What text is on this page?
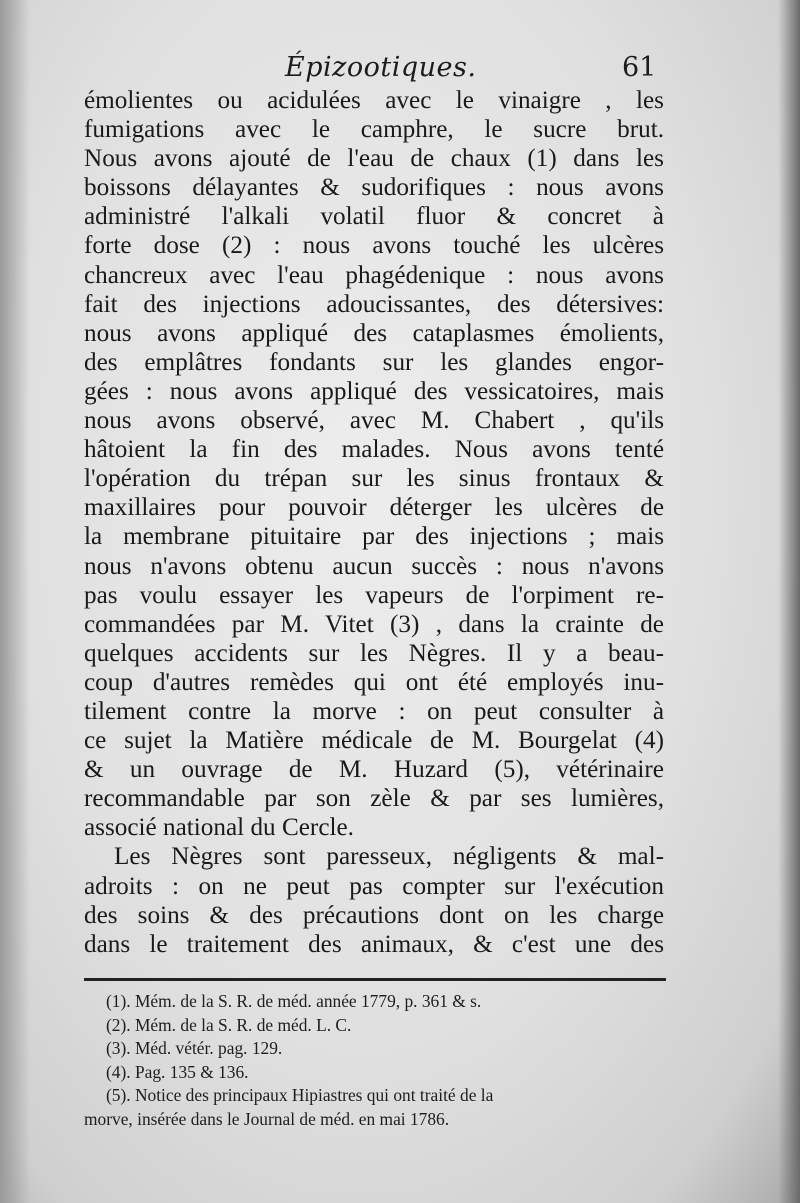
Épizootiques.	61
émolientes ou acidulées avec le vinaigre , les
fumigations avec le camphre, le sucre brut.
Nous avons ajouté de l'eau de chaux (1) dans les
boissons délayantes & sudorifiques : nous avons
administré l'alkali volatil fluor & concret à
forte dose (2) : nous avons touché les ulcères
chancreux avec l'eau phagédenique : nous avons
fait des injections adoucissantes, des détersives:
nous avons appliqué des cataplasmes émolients,
des emplâtres fondants sur les glandes engor-
gées : nous avons appliqué des vessicatoires, mais
nous avons observé, avec M. Chabert , qu'ils
hâtoient la fin des malades. Nous avons tenté
l'opération du trépan sur les sinus frontaux &
maxillaires pour pouvoir déterger les ulcères de
la membrane pituitaire par des injections ; mais
nous n'avons obtenu aucun succès : nous n'avons
pas voulu essayer les vapeurs de l'orpiment re-
commandées par M. Vitet (3) , dans la crainte de
quelques accidents sur les Nègres. Il y a beau-
coup d'autres remèdes qui ont été employés inu-
tilement contre la morve : on peut consulter à
ce sujet la Matière médicale de M. Bourgelat (4)
& un ouvrage de M. Huzard (5), vétérinaire
recommandable par son zèle & par ses lumières,
associé national du Cercle.
Les Nègres sont paresseux, négligents & mal-
adroits : on ne peut pas compter sur l'exécution
des soins & des précautions dont on les charge
dans le traitement des animaux, & c'est une des
(1). Mém. de la S. R. de méd. année 1779, p. 361 & s.
(2). Mém. de la S. R. de méd. L. C.
(3). Méd. vétér. pag. 129.
(4). Pag. 135 & 136.
(5). Notice des principaux Hipiastres qui ont traité de la
morve, insérée dans le Journal de méd. en mai 1786.
